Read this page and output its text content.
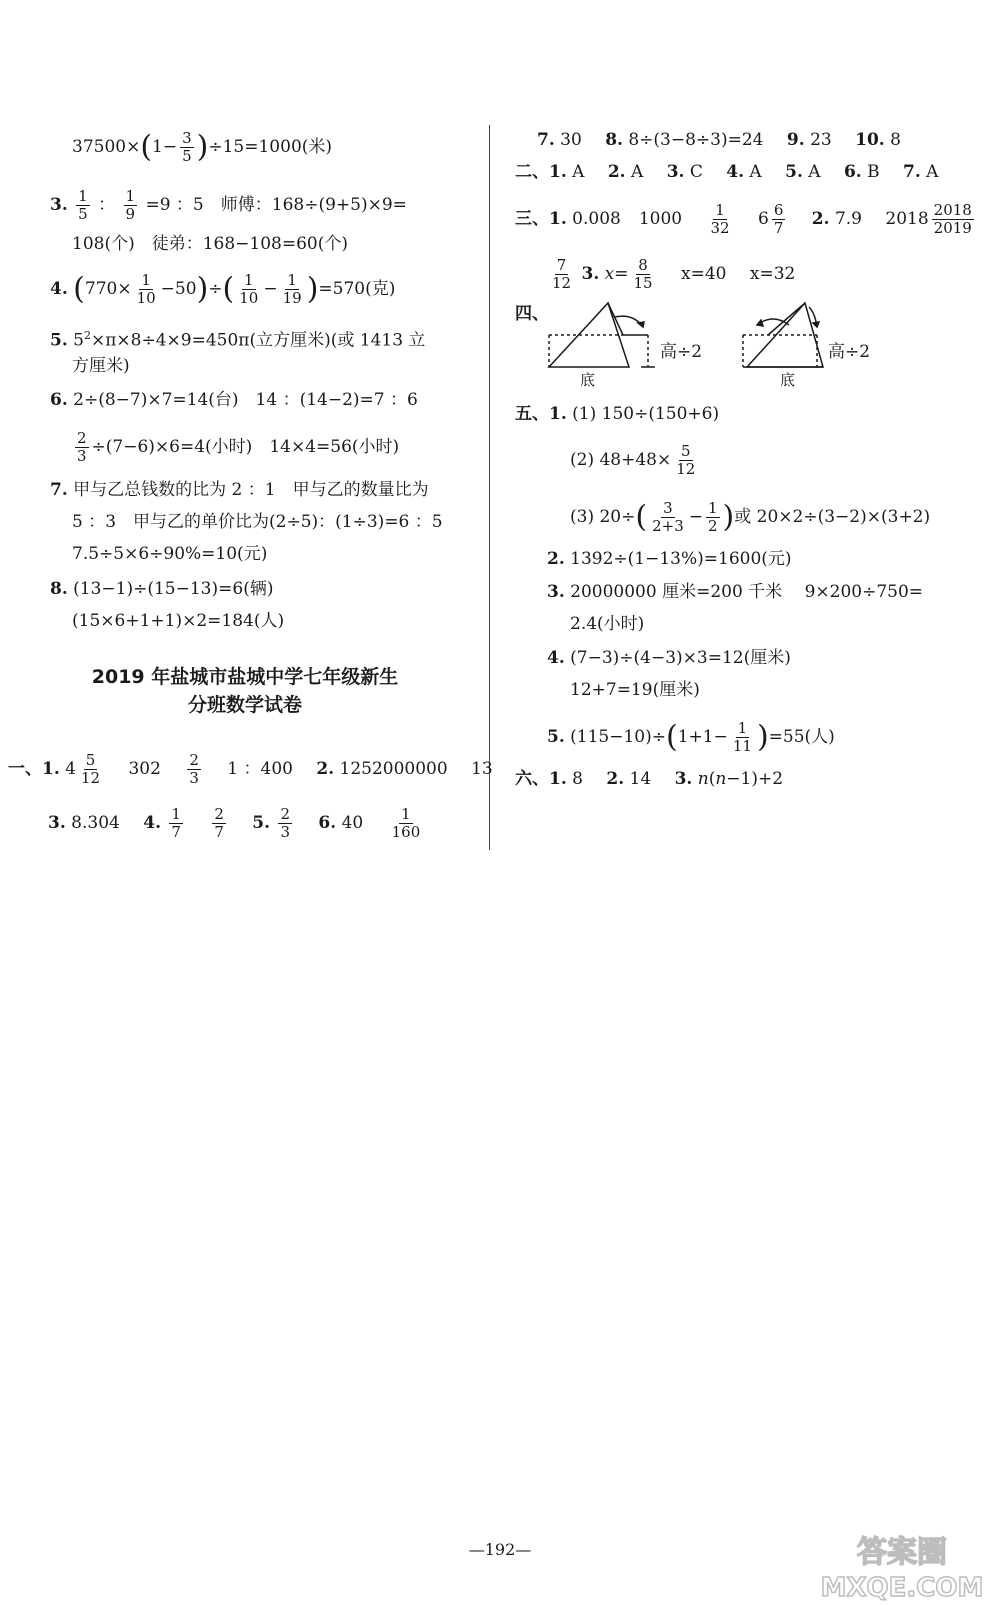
$37500\times(1- \frac{3}{5} )\div 15=1000$(米)
3. $\frac{1}{5}$ ： $\frac{1}{9} =9$ ：5　师傅：168÷(9+5)×9=
108(个)　徒弟：168−108=60(个)
4. $(770\times \frac{1}{10} -50)\div( \frac{1}{10} - \frac{1}{19} )=570$(克)
5. $5^2\times\pi\times 8\div 4\times 9=450\pi$(立方厘米)(或 1413 立
方厘米)
6. 2÷(8−7)×7=14(台)　14 ：(14−2)=7 ：6
$\frac{2}{3} \div(7-6)\times 6=4$(小时)　14×4=56(小时)
7. 甲与乙总钱数的比为 2 ：1　甲与乙的数量比为
5 ：3　甲与乙的单价比为(2÷5)：(1÷3)=6 ：5
7.5÷5×6÷90%=10(元)
8. (13−1)÷(15−13)=6(辆)
(15×6+1+1)×2=184(人)
2019 年盐城市盐城中学七年级新生
分班数学试卷
一、1. $4 \frac{5}{12} 302 \frac{2}{3} 1$ ：400 2. 1252000000 13
3. 8.304 4. $\frac{1}{7}$
$\frac{2}{7} 5$. $\frac{2}{3} 6$. $40 \frac{1}{160}$
7. 30 8. 8÷(3−8÷3)=24 9. 23 10. 8
二、1. A 2. A 3. C 4. A 5. A 6. B 7. A
三、1. 0.008 $1000 \frac{1}{32} 6 \frac{6}{7} 2$. 7.9 $2018 \frac{2018}{2019}$
$\frac{7}{12} 3$. $x= \frac{8}{15} x=40$ x=32
四、
高÷2
底
高÷2
底
五、1. (1) 150÷(150+6)
(2) $48+48\times \frac{5}{12}$
(3) $20\div( \frac{3}{2+3} - \frac{1}{2}$ )或 20×2÷(3−2)×(3+2)
2. 1392÷(1−13%)=1600(元)
3. 20000000 厘米=200 千米　 9×200÷750=
2.4(小时)
4. (7−3)÷(4−3)×3=12(厘米)
12+7=19(厘米)
5. $(115-10)\div(1+1- \frac{1}{11} )=55$(人)
六、1. 8 2. 14 3. n(n−1)+2
—192—	答案圈
MXQE.COM
